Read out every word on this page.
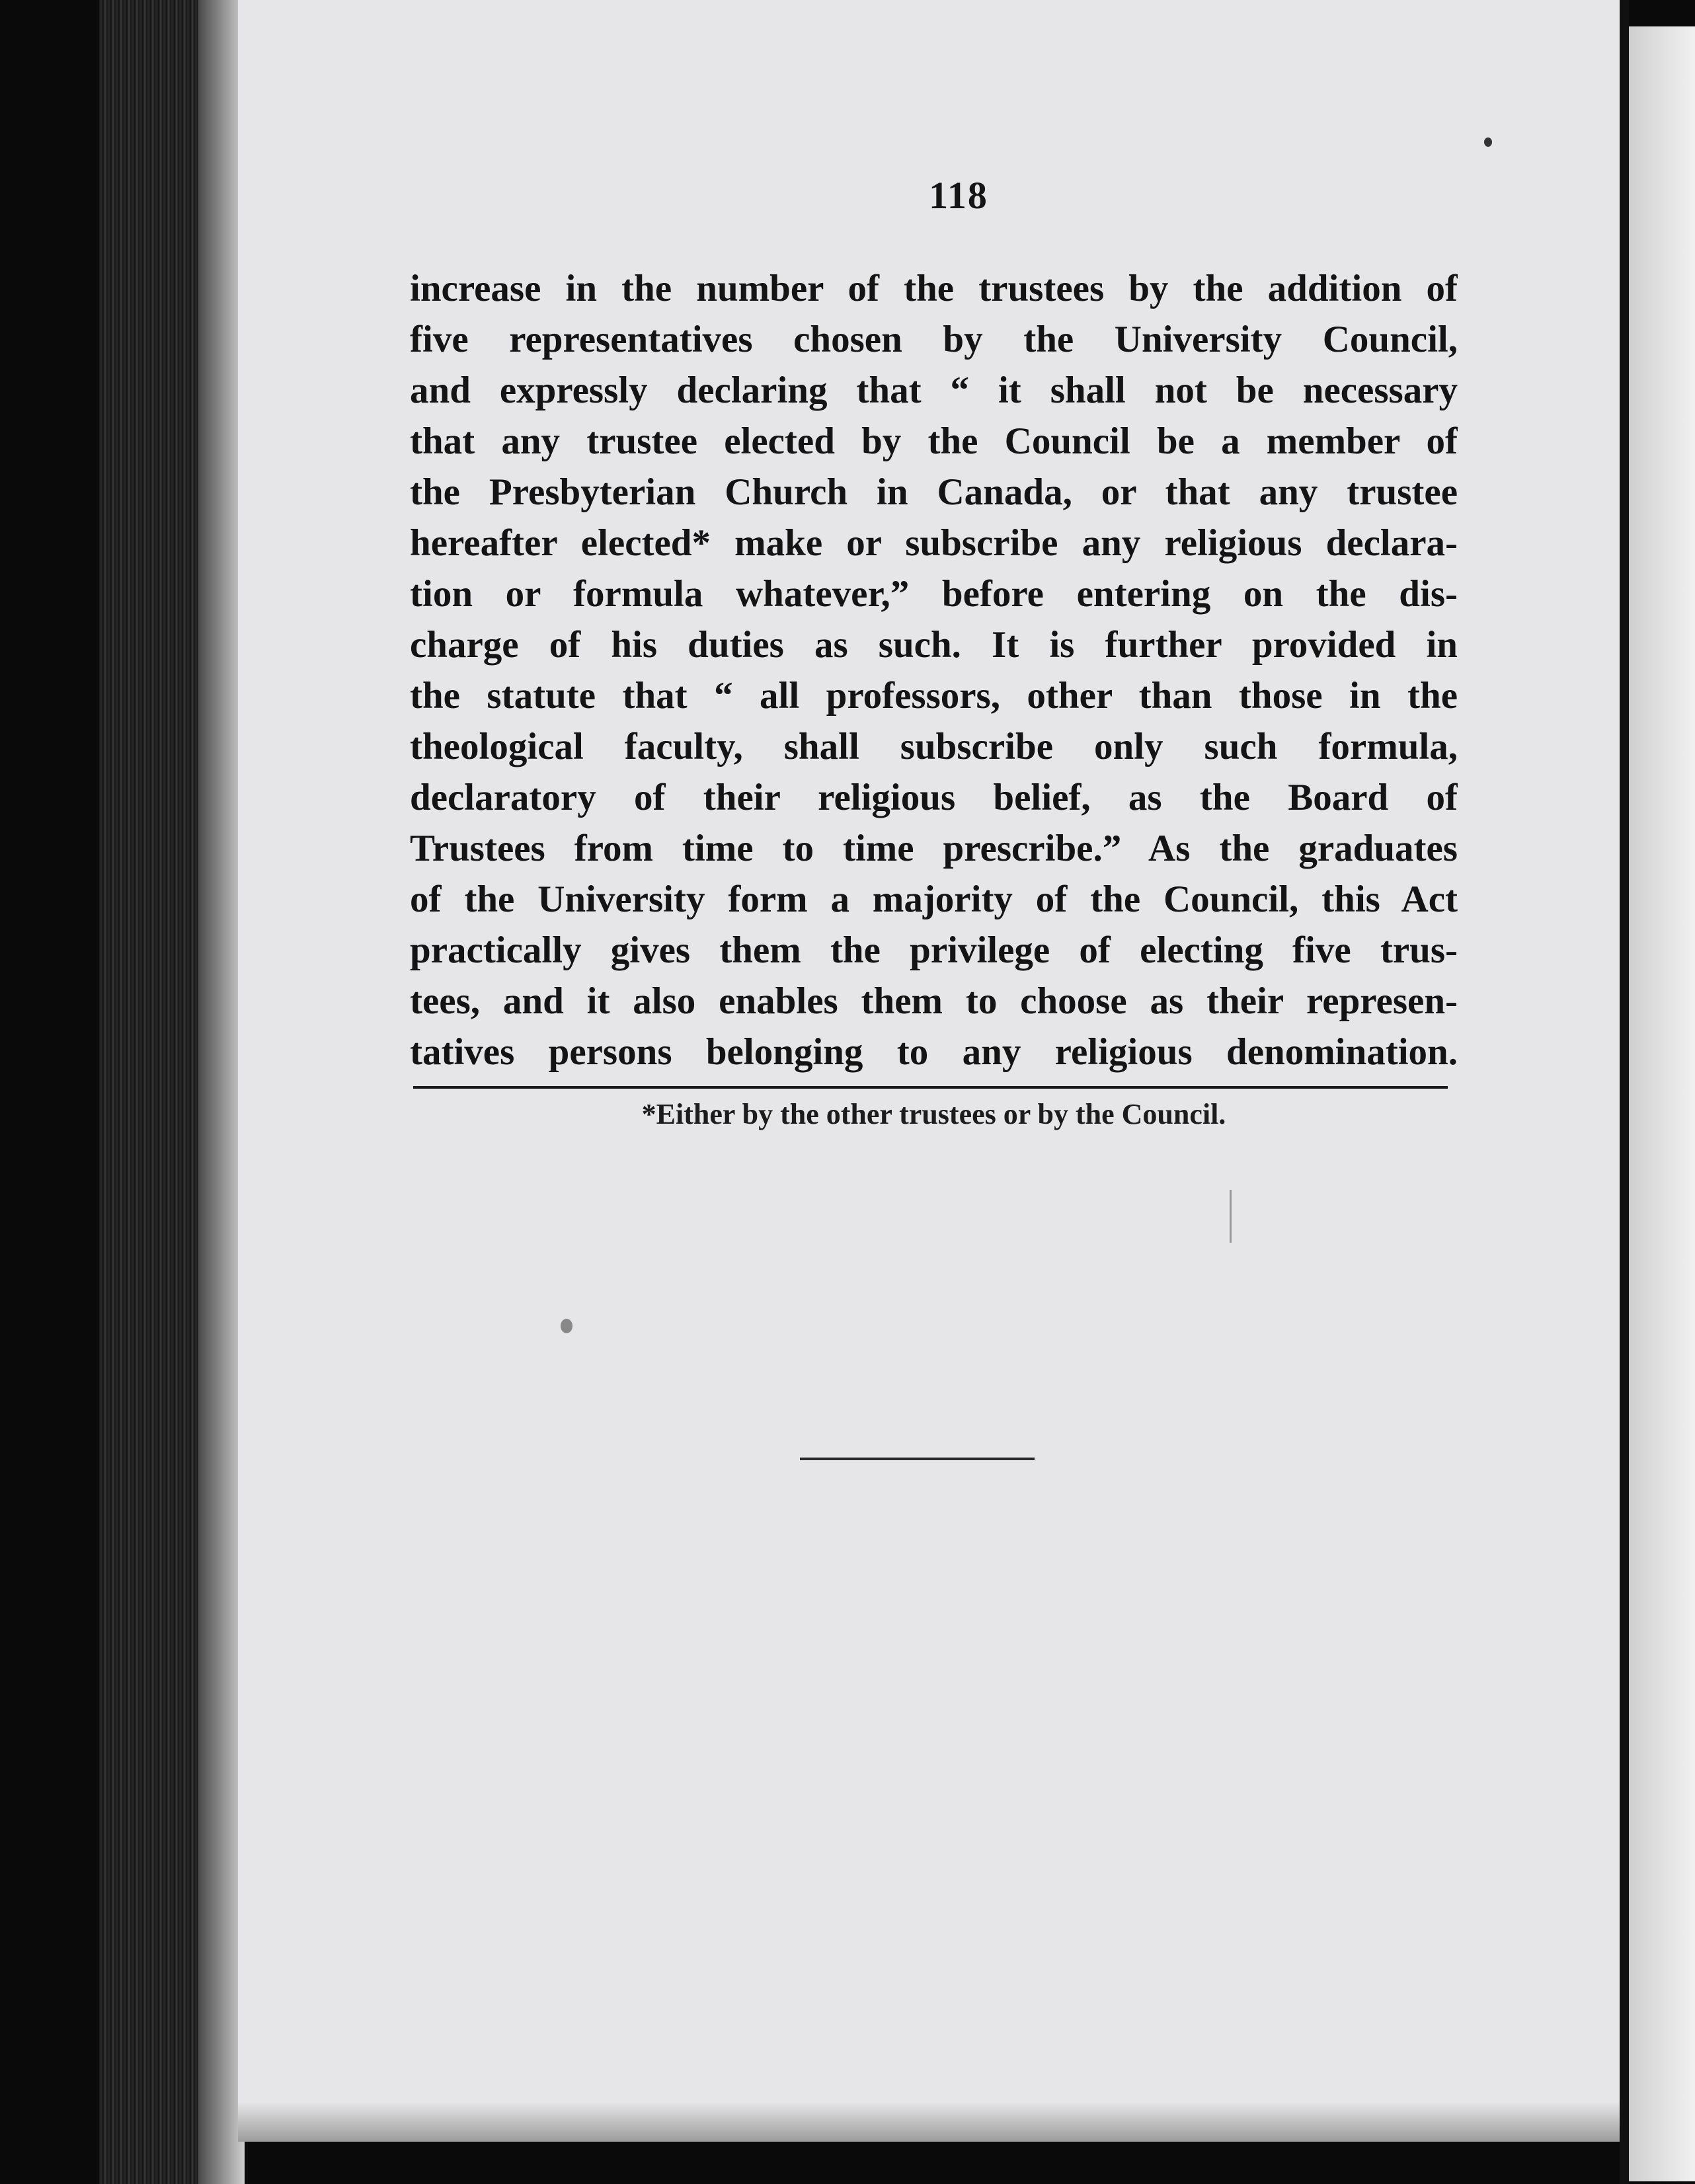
118
increase in the number of the trustees by the addition of
five representatives chosen by the University Council,
and expressly declaring that “ it shall not be necessary
that any trustee elected by the Council be a member of
the Presbyterian Church in Canada, or that any trustee
hereafter elected* make or subscribe any religious declara-
tion or formula whatever,” before entering on the dis-
charge of his duties as such. It is further provided in
the statute that “ all professors, other than those in the
theological faculty, shall subscribe only such formula,
declaratory of their religious belief, as the Board of
Trustees from time to time prescribe.” As the graduates
of the University form a majority of the Council, this Act
practically gives them the privilege of electing five trus-
tees, and it also enables them to choose as their represen-
tatives persons belonging to any religious denomination.
*Either by the other trustees or by the Council.
